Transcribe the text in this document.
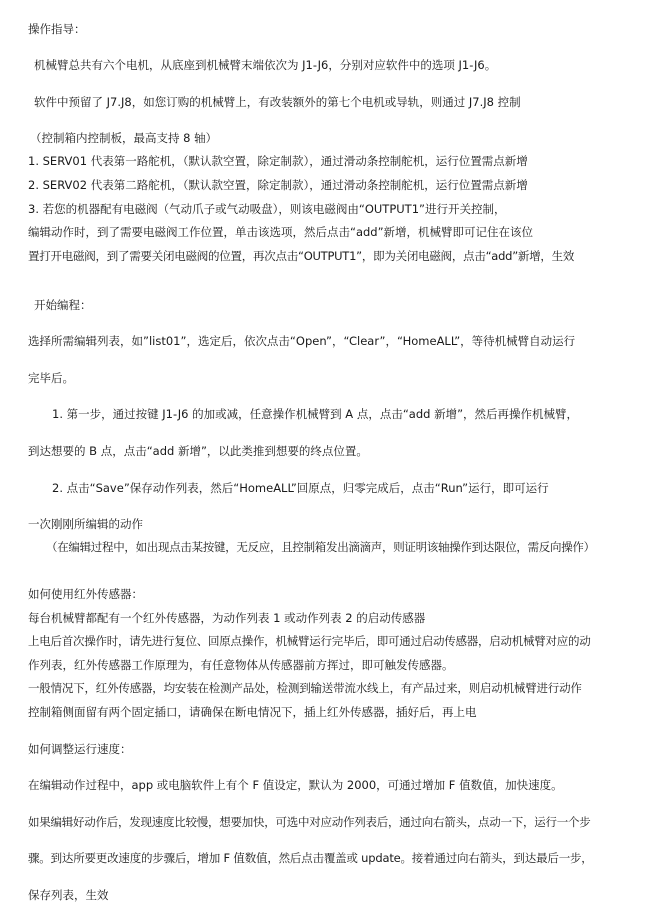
操作指导：
机械臂总共有六个电机，从底座到机械臂末端依次为 J1-J6，分别对应软件中的选项 J1-J6。
软件中预留了 J7.J8，如您订购的机械臂上，有改装额外的第七个电机或导轨，则通过 J7.J8 控制
（控制箱内控制板，最高支持 8 轴）
1. SERV01 代表第一路舵机，（默认款空置，除定制款），通过滑动条控制舵机，运行位置需点新增
2. SERV02 代表第二路舵机，（默认款空置，除定制款），通过滑动条控制舵机，运行位置需点新增
3. 若您的机器配有电磁阀（气动爪子或气动吸盘），则该电磁阀由“OUTPUT1”进行开关控制，
编辑动作时，到了需要电磁阀工作位置，单击该选项，然后点击“add”新增，机械臂即可记住在该位
置打开电磁阀，到了需要关闭电磁阀的位置，再次点击“OUTPUT1”，即为关闭电磁阀，点击“add”新增，生效
开始编程：
选择所需编辑列表，如”list01”，选定后，依次点击“Open”，“Clear”，“HomeALL”，等待机械臂自动运行
完毕后。
1. 第一步，通过按键 J1-J6 的加或减，任意操作机械臂到 A 点，点击“add 新增”，然后再操作机械臂，
到达想要的 B 点，点击“add 新增”，以此类推到想要的终点位置。
2. 点击“Save”保存动作列表，然后“HomeALL”回原点，归零完成后，点击“Run”运行，即可运行
一次刚刚所编辑的动作
（在编辑过程中，如出现点击某按键，无反应，且控制箱发出滴滴声，则证明该轴操作到达限位，需反向操作）
如何使用红外传感器：
每台机械臂都配有一个红外传感器，为动作列表 1 或动作列表 2 的启动传感器
上电后首次操作时，请先进行复位、回原点操作，机械臂运行完毕后，即可通过启动传感器，启动机械臂对应的动
作列表，红外传感器工作原理为，有任意物体从传感器前方挥过，即可触发传感器。
一般情况下，红外传感器，均安装在检测产品处，检测到输送带流水线上，有产品过来，则启动机械臂进行动作
控制箱侧面留有两个固定插口，请确保在断电情况下，插上红外传感器，插好后，再上电
如何调整运行速度：
在编辑动作过程中，app 或电脑软件上有个 F 值设定，默认为 2000，可通过增加 F 值数值，加快速度。
如果编辑好动作后，发现速度比较慢，想要加快，可选中对应动作列表后，通过向右箭头，点动一下，运行一个步
骤。到达所要更改速度的步骤后，增加 F 值数值，然后点击覆盖或 update。接着通过向右箭头，到达最后一步，
保存列表，生效
